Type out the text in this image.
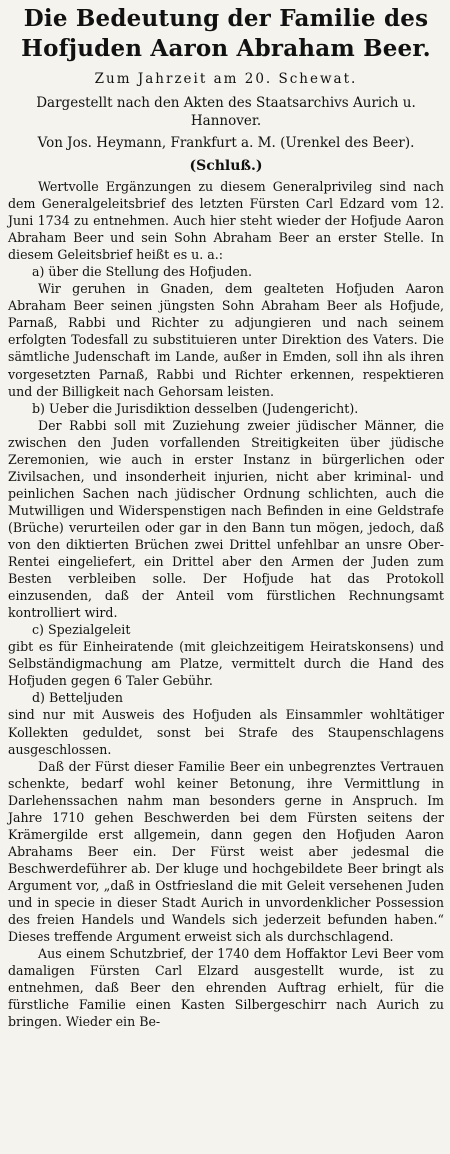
Die Bedeutung der Familie des
Hofjuden Aaron Abraham Beer.
Zum Jahrzeit am 20. Schewat.
Dargestellt nach den Akten des Staatsarchivs Aurich u. Hannover.
Von Jos. Heymann, Frankfurt a. M. (Urenkel des Beer).
(Schluß.)

Wertvolle Ergänzungen zu diesem Generalprivileg sind nach dem Generalgeleitsbrief des letzten Fürsten Carl Edzard vom 12. Juni 1734 zu entnehmen. Auch hier steht wieder der Hofjude Aaron Abraham Beer und sein Sohn Abraham Beer an erster Stelle. In diesem Geleitsbrief heißt es u. a.:

a) über die Stellung des Hofjuden.

Wir geruhen in Gnaden, dem gealteten Hofjuden Aaron Abraham Beer seinen jüngsten Sohn Abraham Beer als Hofjude, Parnaß, Rabbi und Richter zu adjungieren und nach seinem erfolgten Todesfall zu substituieren unter Direktion des Vaters. Die sämtliche Judenschaft im Lande, außer in Emden, soll ihn als ihren vorgesetzten Parnaß, Rabbi und Richter erkennen, respektieren und der Billigkeit nach Gehorsam leisten.

b) Ueber die Jurisdiktion desselben (Judengericht).

Der Rabbi soll mit Zuziehung zweier jüdischer Männer, die zwischen den Juden vorfallenden Streitigkeiten über jüdische Zeremonien, wie auch in erster Instanz in bürgerlichen oder Zivilsachen, und insonderheit injurien, nicht aber kriminal- und peinlichen Sachen nach jüdischer Ordnung schlichten, auch die Mutwilligen und Widerspenstigen nach Befinden in eine Geldstrafe (Brüche) verurteilen oder gar in den Bann tun mögen, jedoch, daß von den diktierten Brüchen zwei Drittel unfehlbar an unsre Ober-Rentei eingeliefert, ein Drittel aber den Armen der Juden zum Besten verbleiben solle. Der Hofjude hat das Protokoll einzusenden, daß der Anteil vom fürstlichen Rechnungsamt kontrolliert wird.

c) Spezialgeleit

gibt es für Einheiratende (mit gleichzeitigem Heiratskonsens) und Selbständigmachung am Platze, vermittelt durch die Hand des Hofjuden gegen 6 Taler Gebühr.

d) Betteljuden

sind nur mit Ausweis des Hofjuden als Einsammler wohltätiger Kollekten geduldet, sonst bei Strafe des Staupenschlagens ausgeschlossen.

Daß der Fürst dieser Familie Beer ein unbegrenztes Vertrauen schenkte, bedarf wohl keiner Betonung, ihre Vermittlung in Darlehenssachen nahm man besonders gerne in Anspruch. Im Jahre 1710 gehen Beschwerden bei dem Fürsten seitens der Krämergilde erst allgemein, dann gegen den Hofjuden Aaron Abrahams Beer ein. Der Fürst weist aber jedesmal die Beschwerdeführer ab. Der kluge und hochgebildete Beer bringt als Argument vor, „daß in Ostfriesland die mit Geleit versehenen Juden und in specie in dieser Stadt Aurich in unvordenklicher Possession des freien Handels und Wandels sich jederzeit befunden haben.“ Dieses treffende Argument erweist sich als durchschlagend.

Aus einem Schutzbrief, der 1740 dem Hoffaktor Levi Beer vom damaligen Fürsten Carl Elzard ausgestellt wurde, ist zu entnehmen, daß Beer den ehrenden Auftrag erhielt, für die fürstliche Familie einen Kasten Silbergeschirr nach Aurich zu bringen. Wieder ein Be-
